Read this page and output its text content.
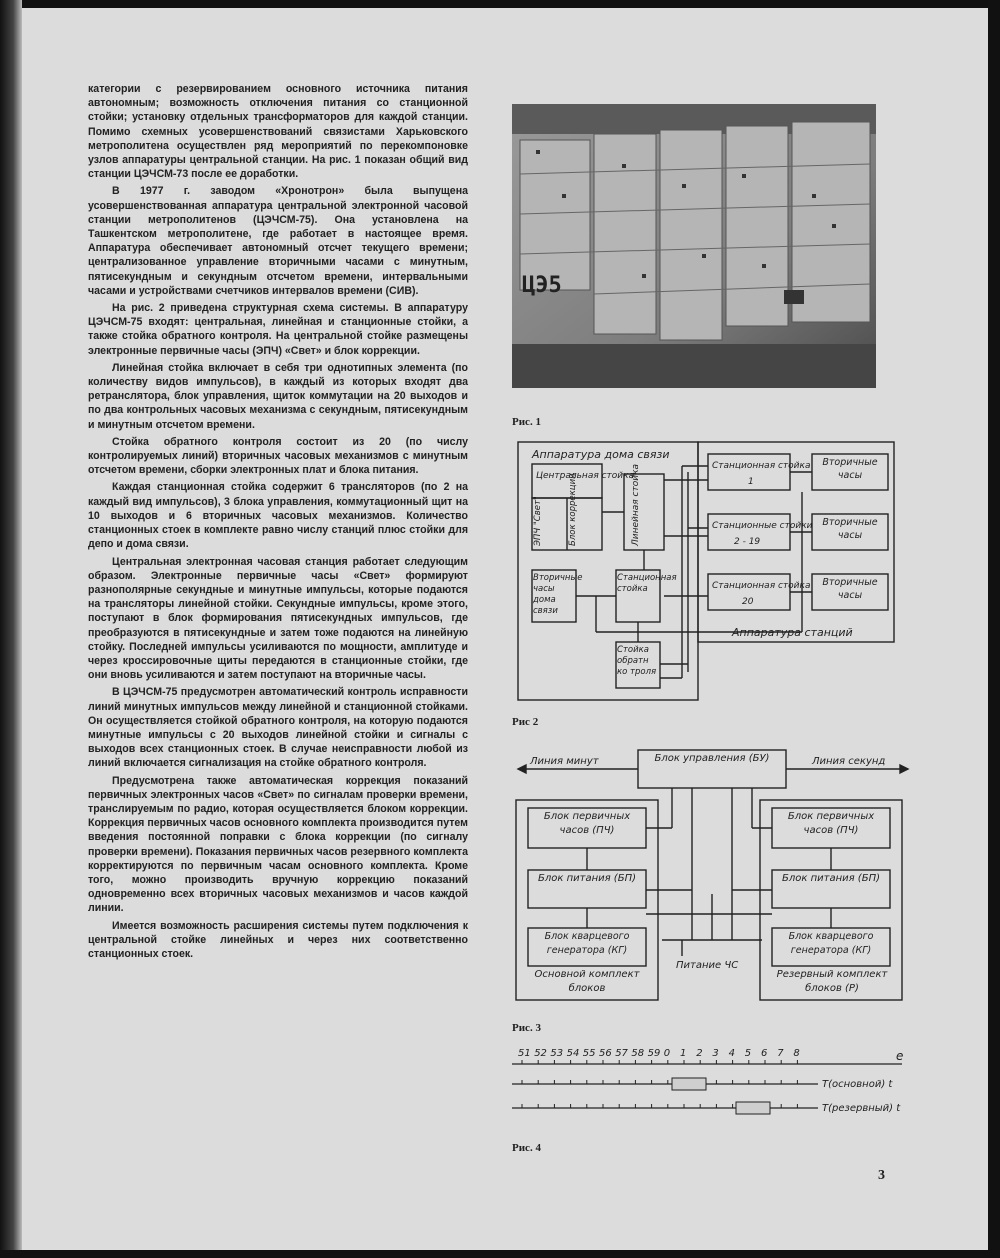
категории с резервированием основного источника питания автономным; возможность отключения питания со станционной стойки; установку отдельных трансформаторов для каждой станции. Помимо схемных усовершенствований связистами Харьковского метрополитена осуществлен ряд мероприятий по перекомпоновке узлов аппаратуры центральной станции. На рис. 1 показан общий вид станции ЦЭЧСМ-73 после ее доработки.

В 1977 г. заводом «Хронотрон» была выпущена усовершенствованная аппаратура центральной электронной часовой станции метрополитенов (ЦЭЧСМ-75). Она установлена на Ташкентском метрополитене, где работает в настоящее время. Аппаратура обеспечивает автономный отсчет текущего времени; централизованное управление вторичными часами с минутным, пятисекундным и секундным отсчетом времени, интервальными часами и устройствами счетчиков интервалов времени (СИВ).

На рис. 2 приведена структурная схема системы. В аппаратуру ЦЭЧСМ-75 входят: центральная, линейная и станционные стойки, а также стойка обратного контроля. На центральной стойке размещены электронные первичные часы (ЭПЧ) «Свет» и блок коррекции.

Линейная стойка включает в себя три однотипных элемента (по количеству видов импульсов), в каждый из которых входят два ретранслятора, блок управления, щиток коммутации на 20 выходов и по два контрольных часовых механизма с секундным, пятисекундным и минутным отсчетом времени.

Стойка обратного контроля состоит из 20 (по числу контролируемых линий) вторичных часовых механизмов с минутным отсчетом времени, сборки электронных плат и блока питания.

Каждая станционная стойка содержит 6 трансляторов (по 2 на каждый вид импульсов), 3 блока управления, коммутационный щит на 10 выходов и 6 вторичных часовых механизмов. Количество станционных стоек в комплекте равно числу станций плюс стойки для депо и дома связи.

Центральная электронная часовая станция работает следующим образом. Электронные первичные часы «Свет» формируют разнополярные секундные и минутные импульсы, которые подаются на трансляторы линейной стойки. Секундные импульсы, кроме этого, поступают в блок формирования пятисекундных импульсов, где преобразуются в пятисекундные и затем тоже подаются на линейную стойку. Последней импульсы усиливаются по мощности, амплитуде и через кроссировочные щиты передаются в станционные стойки, где они вновь усиливаются и затем поступают на вторичные часы.

В ЦЭЧСМ-75 предусмотрен автоматический контроль исправности линий минутных импульсов между линейной и станционной стойками. Он осуществляется стойкой обратного контроля, на которую подаются минутные импульсы с 20 выходов линейной стойки и сигналы с выходов всех станционных стоек. В случае неисправности любой из линий включается сигнализация на стойке обратного контроля.

Предусмотрена также автоматическая коррекция показаний первичных электронных часов «Свет» по сигналам проверки времени, транслируемым по радио, которая осуществляется блоком коррекции. Коррекция первичных часов основного комплекта производится путем введения постоянной поправки с блока коррекции (по сигналу проверки времени). Показания первичных часов резервного комплекта корректируются по первичным часам основного комплекта. Кроме того, можно производить вручную коррекцию показаний одновременно всех вторичных часовых механизмов и часов каждой линии.

Имеется возможность расширения системы путем подключения к центральной стойке линейных и через них соответственно станционных стоек.

ЦЭ5
Рис. 1
Аппаратура дома связи
Центральная стойка
ЭПЧ "Свет"	Блок коррекции	Линейная стойка
Вторичные часы дома связи
Станционная стойка
Стойка обратн ко троля
Станционная стойка
1
Станционные стойки
2 - 19
Станционная стойка
20
Вторичные часы
Вторичные часы
Вторичные часы
Аппаратура станций
Рис 2
Линия минут	Линия секунд
Блок управления (БУ)
Блок первичных часов (ПЧ)
Блок питания (БП)
Блок кварцевого генератора (КГ)
Блок первичных часов (ПЧ)
Блок питания (БП)
Блок кварцевого генератора (КГ)
Питание ЧС
Основной комплект блоков
Резервный комплект блоков (Р)
Рис. 3
51 52 53 54 55 56 57 58 59 0 1 2 3 4 5 6 7 8	е
Т(основной) t
Т(резервный) t
Рис. 4
3
